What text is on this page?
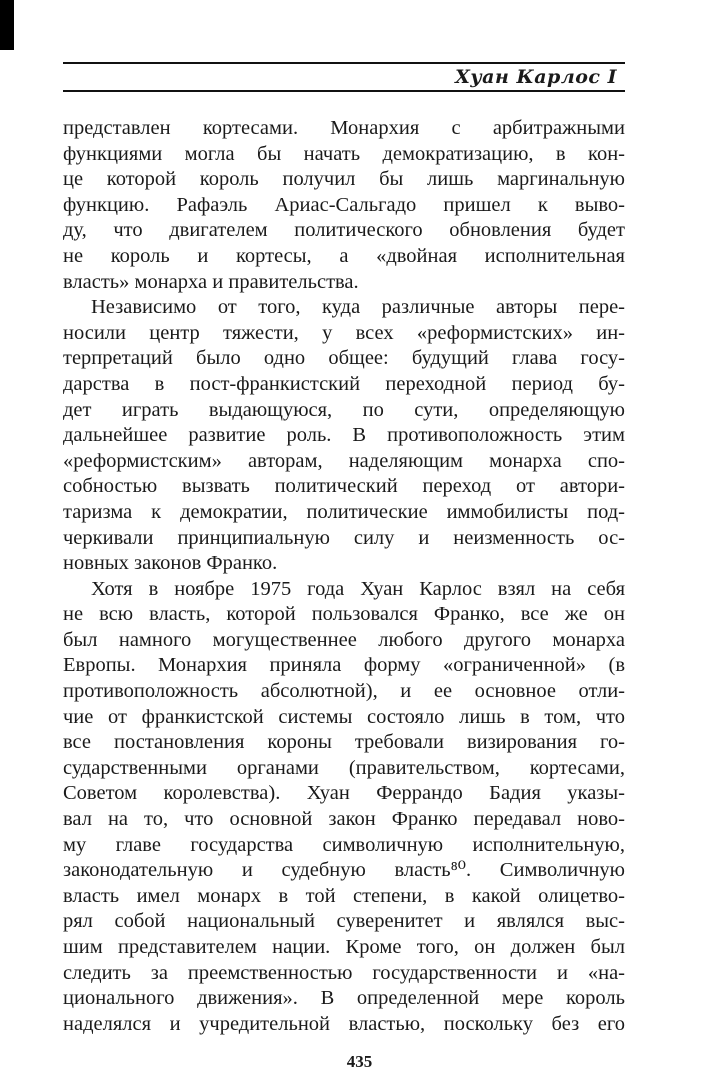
Хуан Карлос I
представлен кортесами. Монархия с арбитражными
функциями могла бы начать демократизацию, в кон-
це которой король получил бы лишь маргинальную
функцию. Рафаэль Ариас-Сальгадо пришел к выво-
ду, что двигателем политического обновления будет
не король и кортесы, а «двойная исполнительная
власть» монарха и правительства.
Независимо от того, куда различные авторы пере-
носили центр тяжести, у всех «реформистских» ин-
терпретаций было одно общее: будущий глава госу-
дарства в пост-франкистский переходной период бу-
дет играть выдающуюся, по сути, определяющую
дальнейшее развитие роль. В противоположность этим
«реформистским» авторам, наделяющим монарха спо-
собностью вызвать политический переход от автори-
таризма к демократии, политические иммобилисты под-
черкивали принципиальную силу и неизменность ос-
новных законов Франко.
Хотя в ноябре 1975 года Хуан Карлос взял на себя
не всю власть, которой пользовался Франко, все же он
был намного могущественнее любого другого монарха
Европы. Монархия приняла форму «ограниченной» (в
противоположность абсолютной), и ее основное отли-
чие от франкистской системы состояло лишь в том, что
все постановления короны требовали визирования го-
сударственными органами (правительством, кортесами,
Советом королевства). Хуан Феррандо Бадия указы-
вал на то, что основной закон Франко передавал ново-
му главе государства символичную исполнительную,
законодательную и судебную власть⁸⁰. Символичную
власть имел монарх в той степени, в какой олицетво-
рял собой национальный суверенитет и являлся выс-
шим представителем нации. Кроме того, он должен был
следить за преемственностью государственности и «на-
ционального движения». В определенной мере король
наделялся и учредительной властью, поскольку без его
435
